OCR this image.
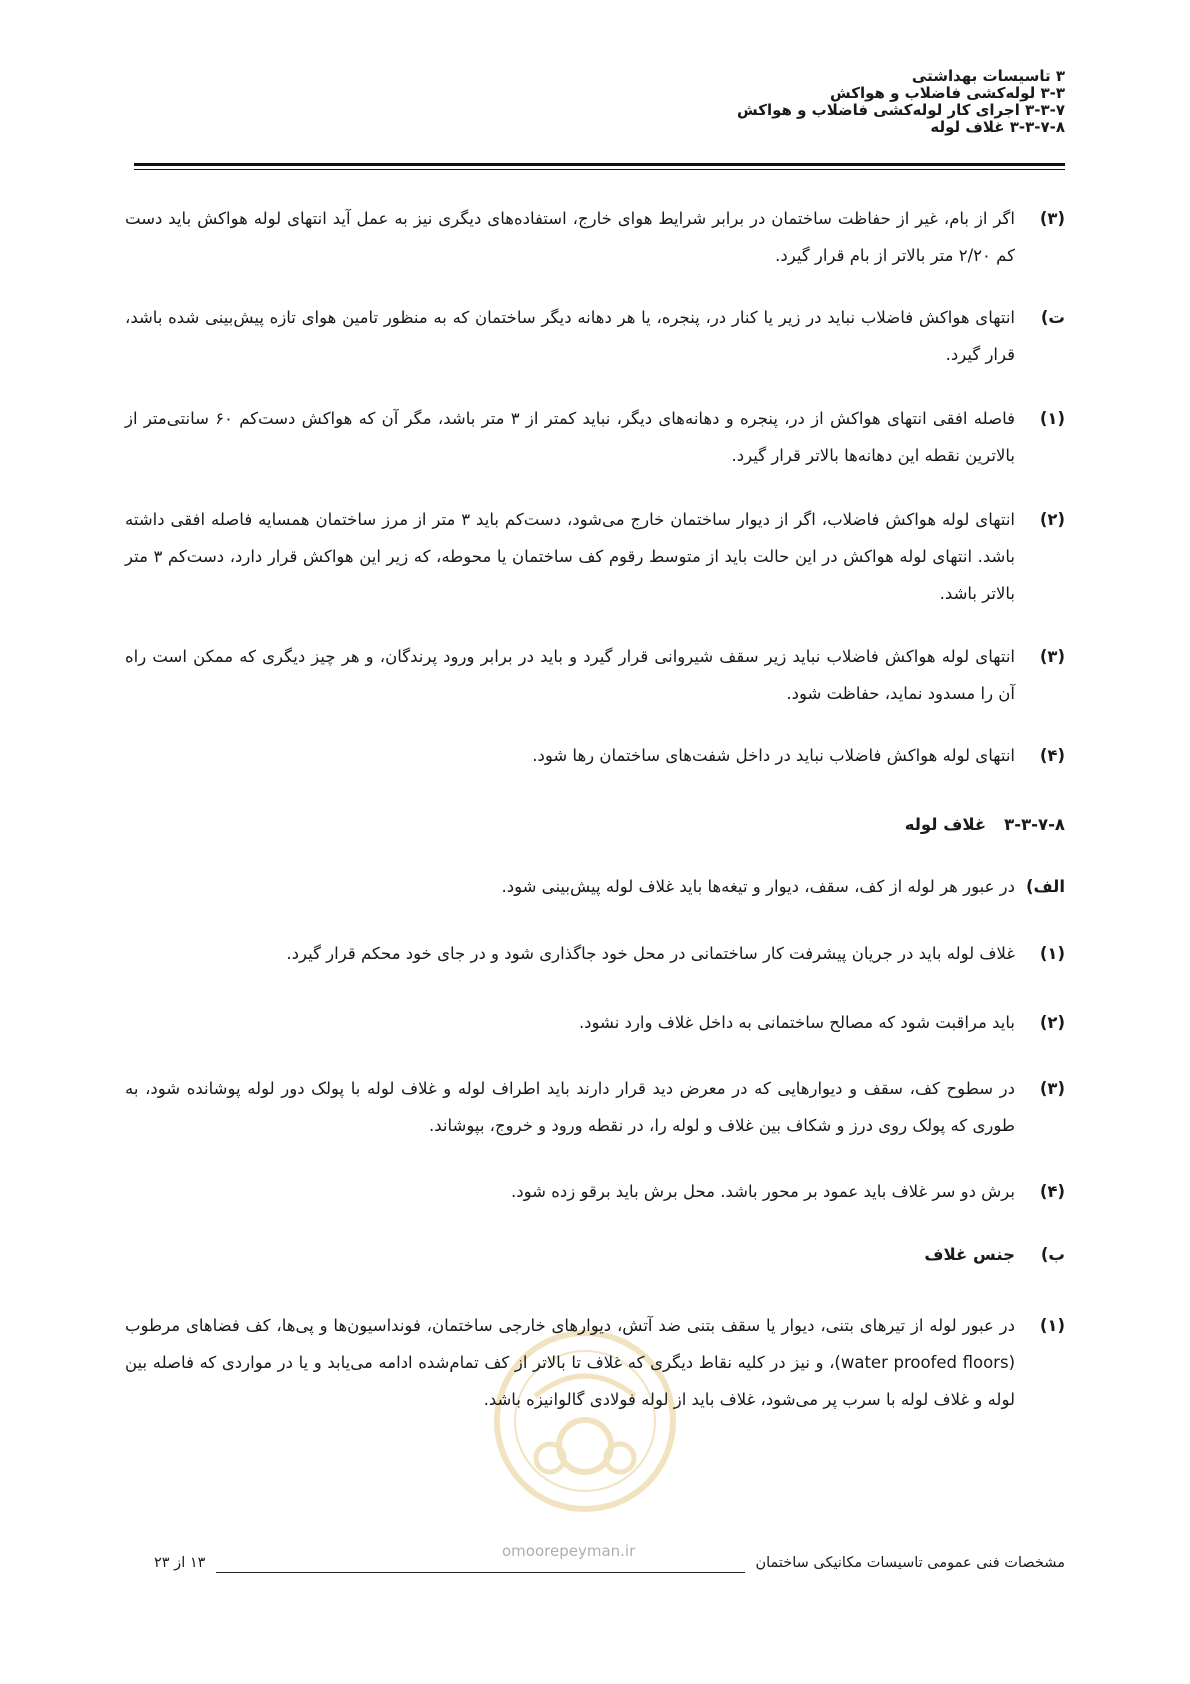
۳ تاسیسات بهداشتی
۳-۳ لوله‌کشی فاضلاب و هواکش
۳-۳-۷ اجرای کار لوله‌کشی فاضلاب و هواکش
۳-۳-۷-۸ غلاف لوله
(۳)
اگر از بام، غیر از حفاظت ساختمان در برابر شرایط هوای خارج، استفاده‌های دیگری نیز به عمل آید انتهای لوله هواکش باید دست کم ۲/۲۰ متر بالاتر از بام قرار گیرد.
ت)
انتهای هواکش فاضلاب نباید در زیر یا کنار در، پنجره، یا هر دهانه دیگر ساختمان که به منظور تامین هوای تازه پیش‌بینی شده باشد، قرار گیرد.
(۱)
فاصله افقی انتهای هواکش از در، پنجره و دهانه‌های دیگر، نباید کمتر از ۳ متر باشد، مگر آن که هواکش دست‌کم ۶۰ سانتی‌متر از بالاترین نقطه این دهانه‌ها بالاتر قرار گیرد.
(۲)
انتهای لوله هواکش فاضلاب، اگر از دیوار ساختمان خارج می‌شود، دست‌کم باید ۳ متر از مرز ساختمان همسایه فاصله افقی داشته باشد. انتهای لوله هواکش در این حالت باید از متوسط رقوم کف ساختمان یا محوطه، که زیر این هواکش قرار دارد، دست‌کم ۳ متر بالاتر باشد.
(۳)
انتهای لوله هواکش فاضلاب نباید زیر سقف شیروانی قرار گیرد و باید در برابر ورود پرندگان، و هر چیز دیگری که ممکن است راه آن را مسدود نماید، حفاظت شود.
(۴)
انتهای لوله هواکش فاضلاب نباید در داخل شفت‌های ساختمان رها شود.
۳-۳-۷-۸غلاف لوله
الف)
در عبور هر لوله از کف، سقف، دیوار و تیغه‌ها باید غلاف لوله پیش‌بینی شود.
(۱)
غلاف لوله باید در جریان پیشرفت کار ساختمانی در محل خود جاگذاری شود و در جای خود محکم قرار گیرد.
(۲)
باید مراقبت شود که مصالح ساختمانی به داخل غلاف وارد نشود.
(۳)
در سطوح کف، سقف و دیوارهایی که در معرض دید قرار دارند باید اطراف لوله و غلاف لوله با پولک دور لوله پوشانده شود، به طوری که پولک روی درز و شکاف بین غلاف و لوله را، در نقطه ورود و خروج، بپوشاند.
(۴)
برش دو سر غلاف باید عمود بر محور باشد. محل برش باید برقو زده شود.
ب)جنس غلاف
omoorepeyman.ir
(۱)
در عبور لوله از تیرهای بتنی، دیوار یا سقف بتنی ضد آتش، دیوارهای خارجی ساختمان، فونداسیون‌ها و پی‌ها، کف فضاهای مرطوب (water proofed floors)، و نیز در کلیه نقاط دیگری که غلاف تا بالاتر از کف تمام‌شده ادامه می‌یابد و یا در مواردی که فاصله بین لوله و غلاف لوله با سرب پر می‌شود، غلاف باید از لوله فولادی گالوانیزه باشد.
مشخصات فنی عمومی تاسیسات مکانیکی ساختمان
۱۳ از ۲۳
